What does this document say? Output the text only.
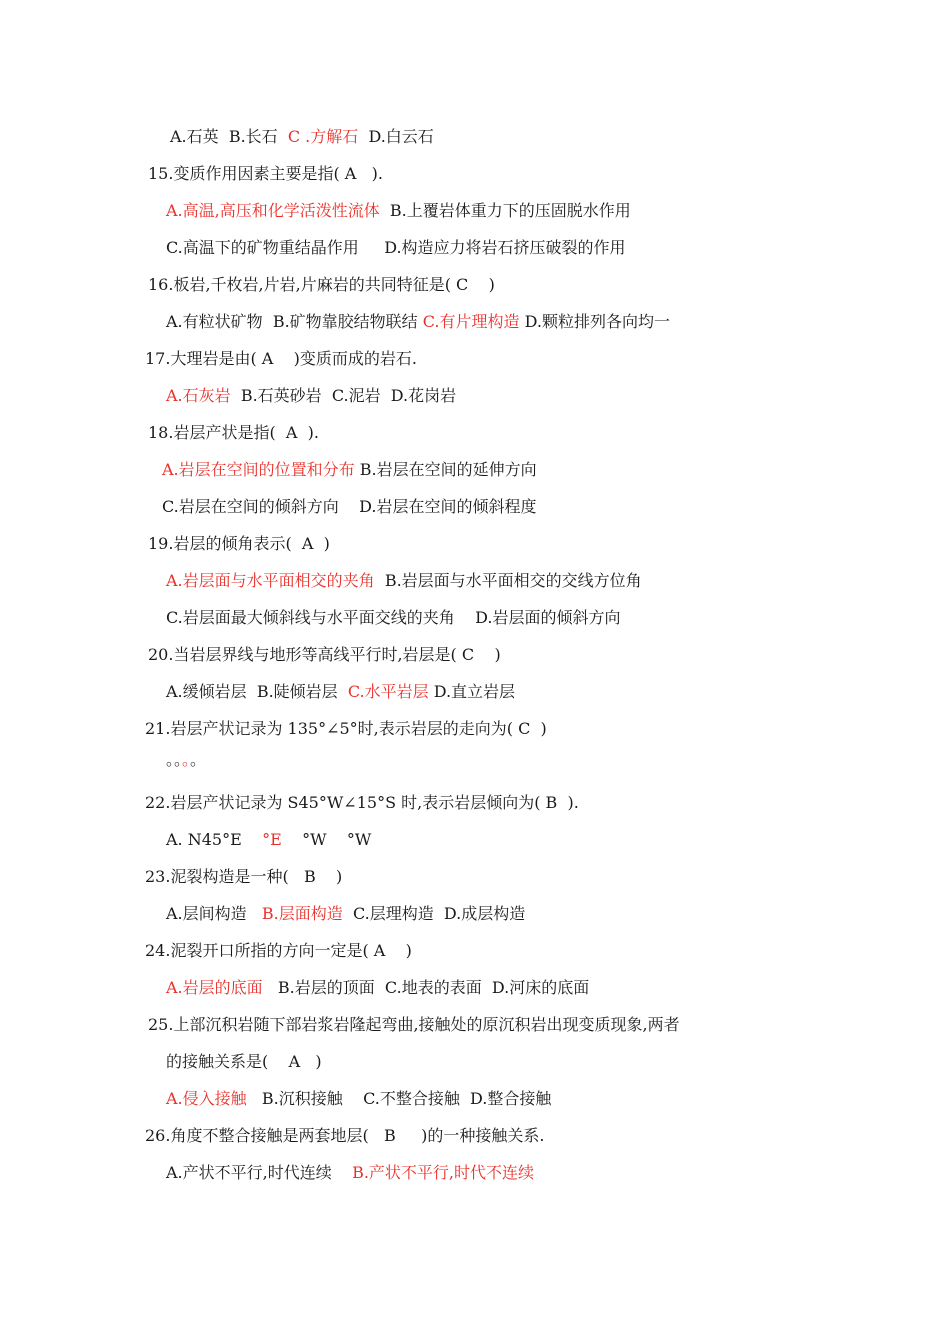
A.石英  B.长石  C .方解石  D.白云石
15.变质作用因素主要是指( A   ).
A.高温,高压和化学活泼性流体  B.上覆岩体重力下的压固脱水作用
C.高温下的矿物重结晶作用     D.构造应力将岩石挤压破裂的作用
16.板岩,千枚岩,片岩,片麻岩的共同特征是( C    )
A.有粒状矿物  B.矿物靠胶结物联结 C.有片理构造 D.颗粒排列各向均一
17.大理岩是由( A    )变质而成的岩石.
A.石灰岩  B.石英砂岩  C.泥岩  D.花岗岩
18.岩层产状是指(  A  ).
A.岩层在空间的位置和分布 B.岩层在空间的延伸方向
C.岩层在空间的倾斜方向    D.岩层在空间的倾斜程度
19.岩层的倾角表示(  A  )
A.岩层面与水平面相交的夹角  B.岩层面与水平面相交的交线方位角
C.岩层面最大倾斜线与水平面交线的夹角    D.岩层面的倾斜方向
20.当岩层界线与地形等高线平行时,岩层是( C    )
A.缓倾岩层  B.陡倾岩层  C.水平岩层 D.直立岩层
21.岩层产状记录为 135°∠5°时,表示岩层的走向为( C  )
。。。。
22.岩层产状记录为 S45°W∠15°S 时,表示岩层倾向为( B  ).
A. N45°E    °E    °W    °W
23.泥裂构造是一种(   B    )
A.层间构造   B.层面构造  C.层理构造  D.成层构造
24.泥裂开口所指的方向一定是( A    )
A.岩层的底面   B.岩层的顶面  C.地表的表面  D.河床的底面
25.上部沉积岩随下部岩浆岩隆起弯曲,接触处的原沉积岩出现变质现象,两者
的接触关系是(    A   )
A.侵入接触   B.沉积接触    C.不整合接触  D.整合接触
26.角度不整合接触是两套地层(   B     )的一种接触关系.
A.产状不平行,时代连续    B.产状不平行,时代不连续
